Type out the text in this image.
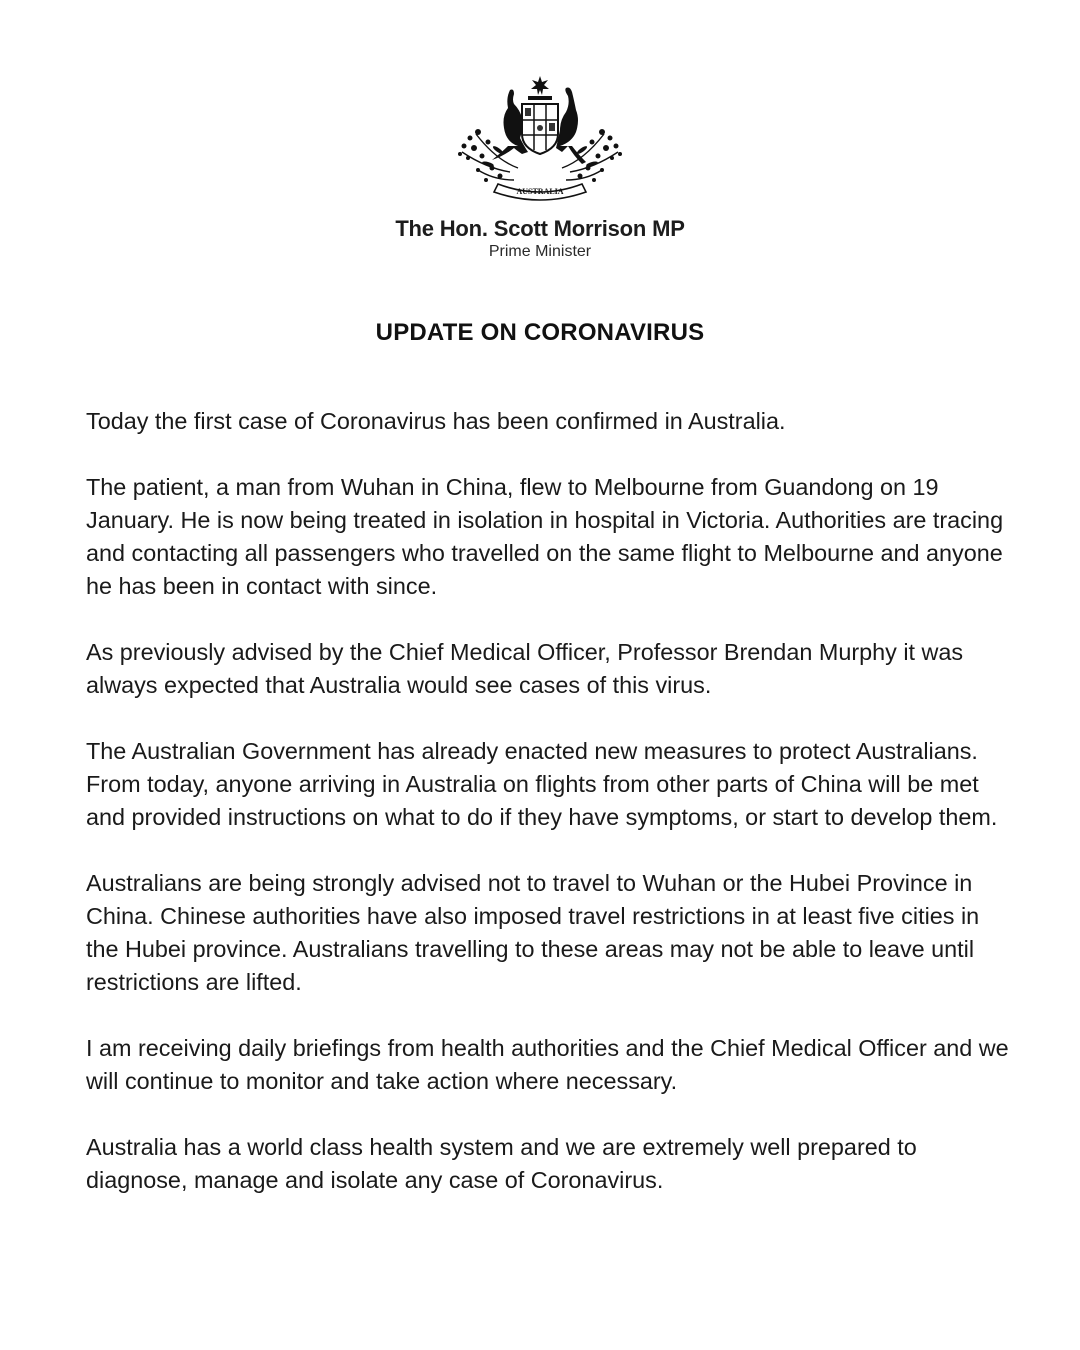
AUSTRALIA
The Hon. Scott Morrison MP
Prime Minister
UPDATE ON CORONAVIRUS

Today the first case of Coronavirus has been confirmed in Australia.

The patient, a man from Wuhan in China, flew to Melbourne from Guandong on 19 January. He is now being treated in isolation in hospital in Victoria. Authorities are tracing and contacting all passengers who travelled on the same flight to Melbourne and anyone he has been in contact with since.

As previously advised by the Chief Medical Officer, Professor Brendan Murphy it was always expected that Australia would see cases of this virus.

The Australian Government has already enacted new measures to protect Australians. From today, anyone arriving in Australia on flights from other parts of China will be met and provided instructions on what to do if they have symptoms, or start to develop them.

Australians are being strongly advised not to travel to Wuhan or the Hubei Province in China. Chinese authorities have also imposed travel restrictions in at least five cities in the Hubei province. Australians travelling to these areas may not be able to leave until restrictions are lifted.

I am receiving daily briefings from health authorities and the Chief Medical Officer and we will continue to monitor and take action where necessary.

Australia has a world class health system and we are extremely well prepared to diagnose, manage and isolate any case of Coronavirus.
